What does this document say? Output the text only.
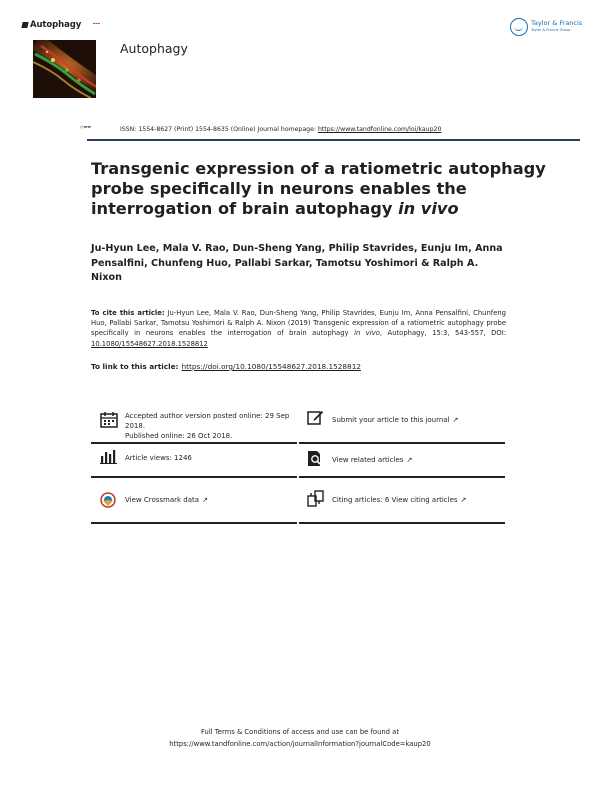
Autophagy	▬▬▬
Autophagy
Taylor & Francis
Taylor & Francis Group
◎▬▬	ISSN: 1554-8627 (Print) 1554-8635 (Online) Journal homepage: https://www.tandfonline.com/loi/kaup20
Transgenic expression of a ratiometric autophagy probe specifically in neurons enables the interrogation of brain autophagy in vivo
Ju-Hyun Lee, Mala V. Rao, Dun-Sheng Yang, Philip Stavrides, Eunju Im, Anna Pensalfini, Chunfeng Huo, Pallabi Sarkar, Tamotsu Yoshimori & Ralph A. Nixon
To cite this article: Ju-Hyun Lee, Mala V. Rao, Dun-Sheng Yang, Philip Stavrides, Eunju Im, Anna Pensalfini, Chunfeng Huo, Pallabi Sarkar, Tamotsu Yoshimori & Ralph A. Nixon (2019) Transgenic expression of a ratiometric autophagy probe specifically in neurons enables the interrogation of brain autophagy in vivo, Autophagy, 15:3, 543-557, DOI: 10.1080/15548627.2018.1528812
To link to this article: https://doi.org/10.1080/15548627.2018.1528812
Accepted author version posted online: 29 Sep 2018.
Published online: 26 Oct 2018.
Article views: 1246
View Crossmark data ↗
Submit your article to this journal ↗
View related articles ↗
Citing articles: 6 View citing articles ↗
Full Terms & Conditions of access and use can be found at
https://www.tandfonline.com/action/journalInformation?journalCode=kaup20
